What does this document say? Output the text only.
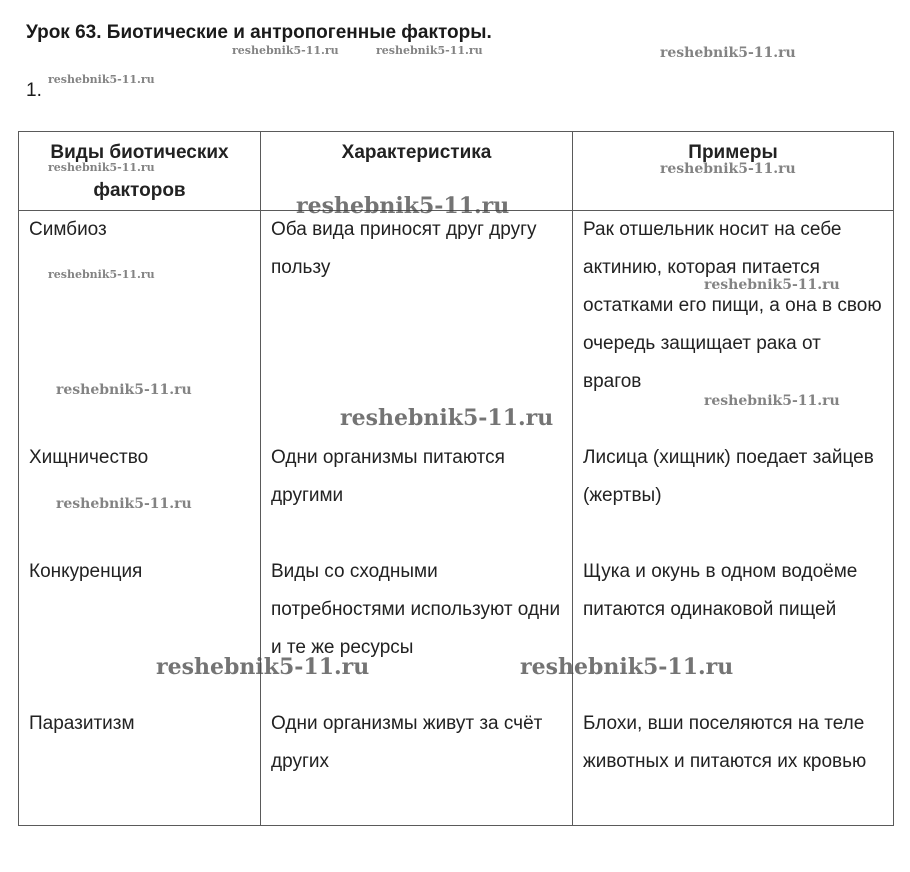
Урок 63. Биотические и антропогенные факторы.
1.
Виды биотических факторов	Характеристика	Примеры
Симбиоз	Оба вида приносят друг другу пользу	Рак отшельник носит на себе актинию, которая питается остатками его пищи, а она в свою очередь защищает рака от врагов
Хищничество	Одни организмы питаются другими	Лисица (хищник) поедает зайцев (жертвы)
Конкуренция	Виды со сходными потребностями используют одни и те же ресурсы	Щука и окунь в одном водоёме питаются одинаковой пищей
Паразитизм	Одни организмы живут за счёт других	Блохи, вши поселяются на теле животных и питаются их кровью
reshebnik5-11.ru	reshebnik5-11.ru	reshebnik5-11.ru
reshebnik5-11.ru
reshebnik5-11.ru	reshebnik5-11.ru
reshebnik5-11.ru
reshebnik5-11.ru
reshebnik5-11.ru
reshebnik5-11.ru
reshebnik5-11.ru
reshebnik5-11.ru
reshebnik5-11.ru
reshebnik5-11.ru	reshebnik5-11.ru
